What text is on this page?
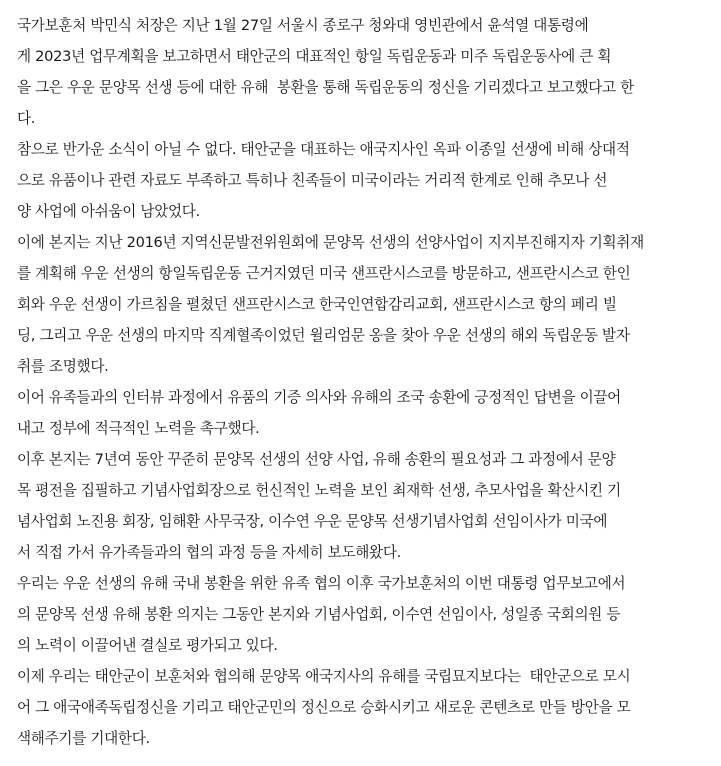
국가보훈처 박민식 처장은 지난 1월 27일 서울시 종로구 청와대 영빈관에서 윤석열 대통령에
게 2023년 업무계획을 보고하면서 태안군의 대표적인 항일 독립운동과 미주 독립운동사에 큰 획
을 그은 우운 문양목 선생 등에 대한 유해  봉환을 통해 독립운동의 정신을 기리겠다고 보고했다고 한
다.
참으로 반가운 소식이 아닐 수 없다. 태안군을 대표하는 애국지사인 옥파 이종일 선생에 비해 상대적
으로 유품이나 관련 자료도 부족하고 특히나 친족들이 미국이라는 거리적 한계로 인해 추모나 선
양 사업에 아쉬움이 남았었다.
이에 본지는 지난 2016년 지역신문발전위원회에 문양목 선생의 선양사업이 지지부진해지자 기획취재
를 계획해 우운 선생의 항일독립운동 근거지였던 미국 샌프란시스코를 방문하고, 샌프란시스코 한인
회와 우운 선생이 가르침을 펼쳤던 샌프란시스코 한국인연합감리교회, 샌프란시스코 항의 페리 빌
딩, 그리고 우운 선생의 마지막 직계혈족이었던 윌리엄문 옹을 찾아 우운 선생의 해외 독립운동 발자
취를 조명했다.
이어 유족들과의 인터뷰 과정에서 유품의 기증 의사와 유해의 조국 송환에 긍정적인 답변을 이끌어
내고 정부에 적극적인 노력을 촉구했다.
이후 본지는 7년여 동안 꾸준히 문양목 선생의 선양 사업, 유해 송환의 필요성과 그 과정에서 문양
목 평전을 집필하고 기념사업회장으로 헌신적인 노력을 보인 최재학 선생, 추모사업을 확산시킨 기
념사업회 노진용 회장, 임해환 사무국장, 이수연 우운 문양목 선생기념사업회 선임이사가 미국에
서 직접 가서 유가족들과의 협의 과정 등을 자세히 보도해왔다.
우리는 우운 선생의 유해 국내 봉환을 위한 유족 협의 이후 국가보훈처의 이번 대통령 업무보고에서
의 문양목 선생 유해 봉환 의지는 그동안 본지와 기념사업회, 이수연 선임이사, 성일종 국회의원 등
의 노력이 이끌어낸 결실로 평가되고 있다.
이제 우리는 태안군이 보훈처와 협의해 문양목 애국지사의 유해를 국립묘지보다는  태안군으로 모시
어 그 애국애족독립정신을 기리고 태안군민의 정신으로 승화시키고 새로운 콘텐츠로 만들 방안을 모
색해주기를 기대한다.
